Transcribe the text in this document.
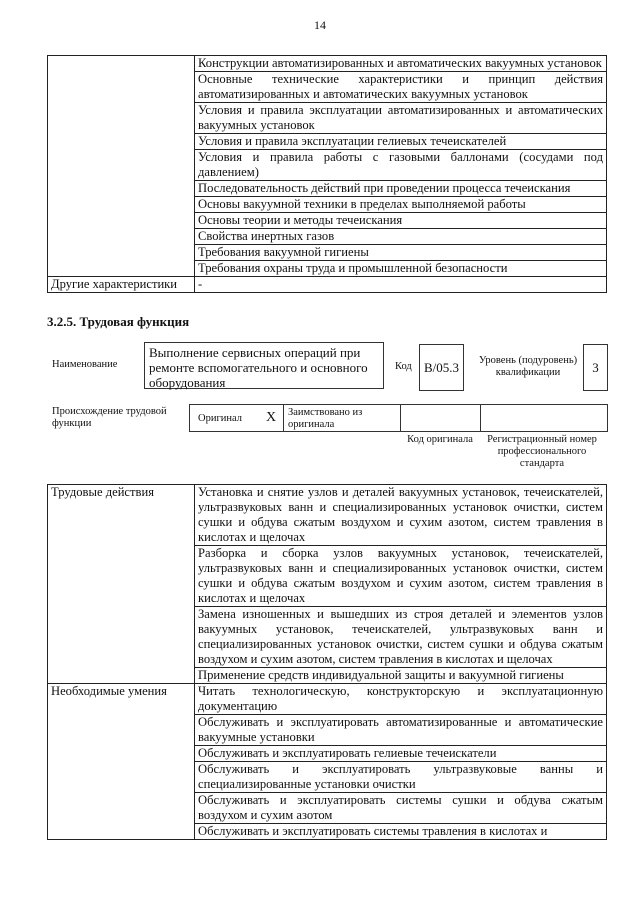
14
	Конструкции автоматизированных и автоматических вакуумных установок
	Основные технические характеристики и принцип действия автоматизированных и автоматических вакуумных установок
	Условия и правила эксплуатации автоматизированных и автоматических вакуумных установок
	Условия и правила эксплуатации гелиевых течеискателей
	Условия и правила работы с газовыми баллонами (сосудами под давлением)
	Последовательность действий при проведении процесса течеискания
	Основы вакуумной техники в пределах выполняемой работы
	Основы теории и методы течеискания
	Свойства инертных газов
	Требования вакуумной гигиены
	Требования охраны труда и промышленной безопасности
Другие характеристики	-
3.2.5. Трудовая функция
Наименование
Выполнение сервисных операций при ремонте вспомогательного и основного оборудования
Код B/05.3	Уровень (подуровень) квалификации	3
Происхождение трудовой функции	Оригинал X Заимствовано из оригинала
Код оригинала	Регистрационный номер профессионального стандарта
Трудовые действия	Установка и снятие узлов и деталей вакуумных установок, течеискателей, ультразвуковых ванн и специализированных установок очистки, систем сушки и обдува сжатым воздухом и сухим азотом, систем травления в кислотах и щелочах
	Разборка и сборка узлов вакуумных установок, течеискателей, ультразвуковых ванн и специализированных установок очистки, систем сушки и обдува сжатым воздухом и сухим азотом, систем травления в кислотах и щелочах
	Замена изношенных и вышедших из строя деталей и элементов узлов вакуумных установок, течеискателей, ультразвуковых ванн и специализированных установок очистки, систем сушки и обдува сжатым воздухом и сухим азотом, систем травления в кислотах и щелочах
	Применение средств индивидуальной защиты и вакуумной гигиены
Необходимые умения	Читать технологическую, конструкторскую и эксплуатационную документацию
	Обслуживать и эксплуатировать автоматизированные и автоматические вакуумные установки
	Обслуживать и эксплуатировать гелиевые течеискатели
	Обслуживать и эксплуатировать ультразвуковые ванны и специализированные установки очистки
	Обслуживать и эксплуатировать системы сушки и обдува сжатым воздухом и сухим азотом
	Обслуживать и эксплуатировать системы травления в кислотах и
